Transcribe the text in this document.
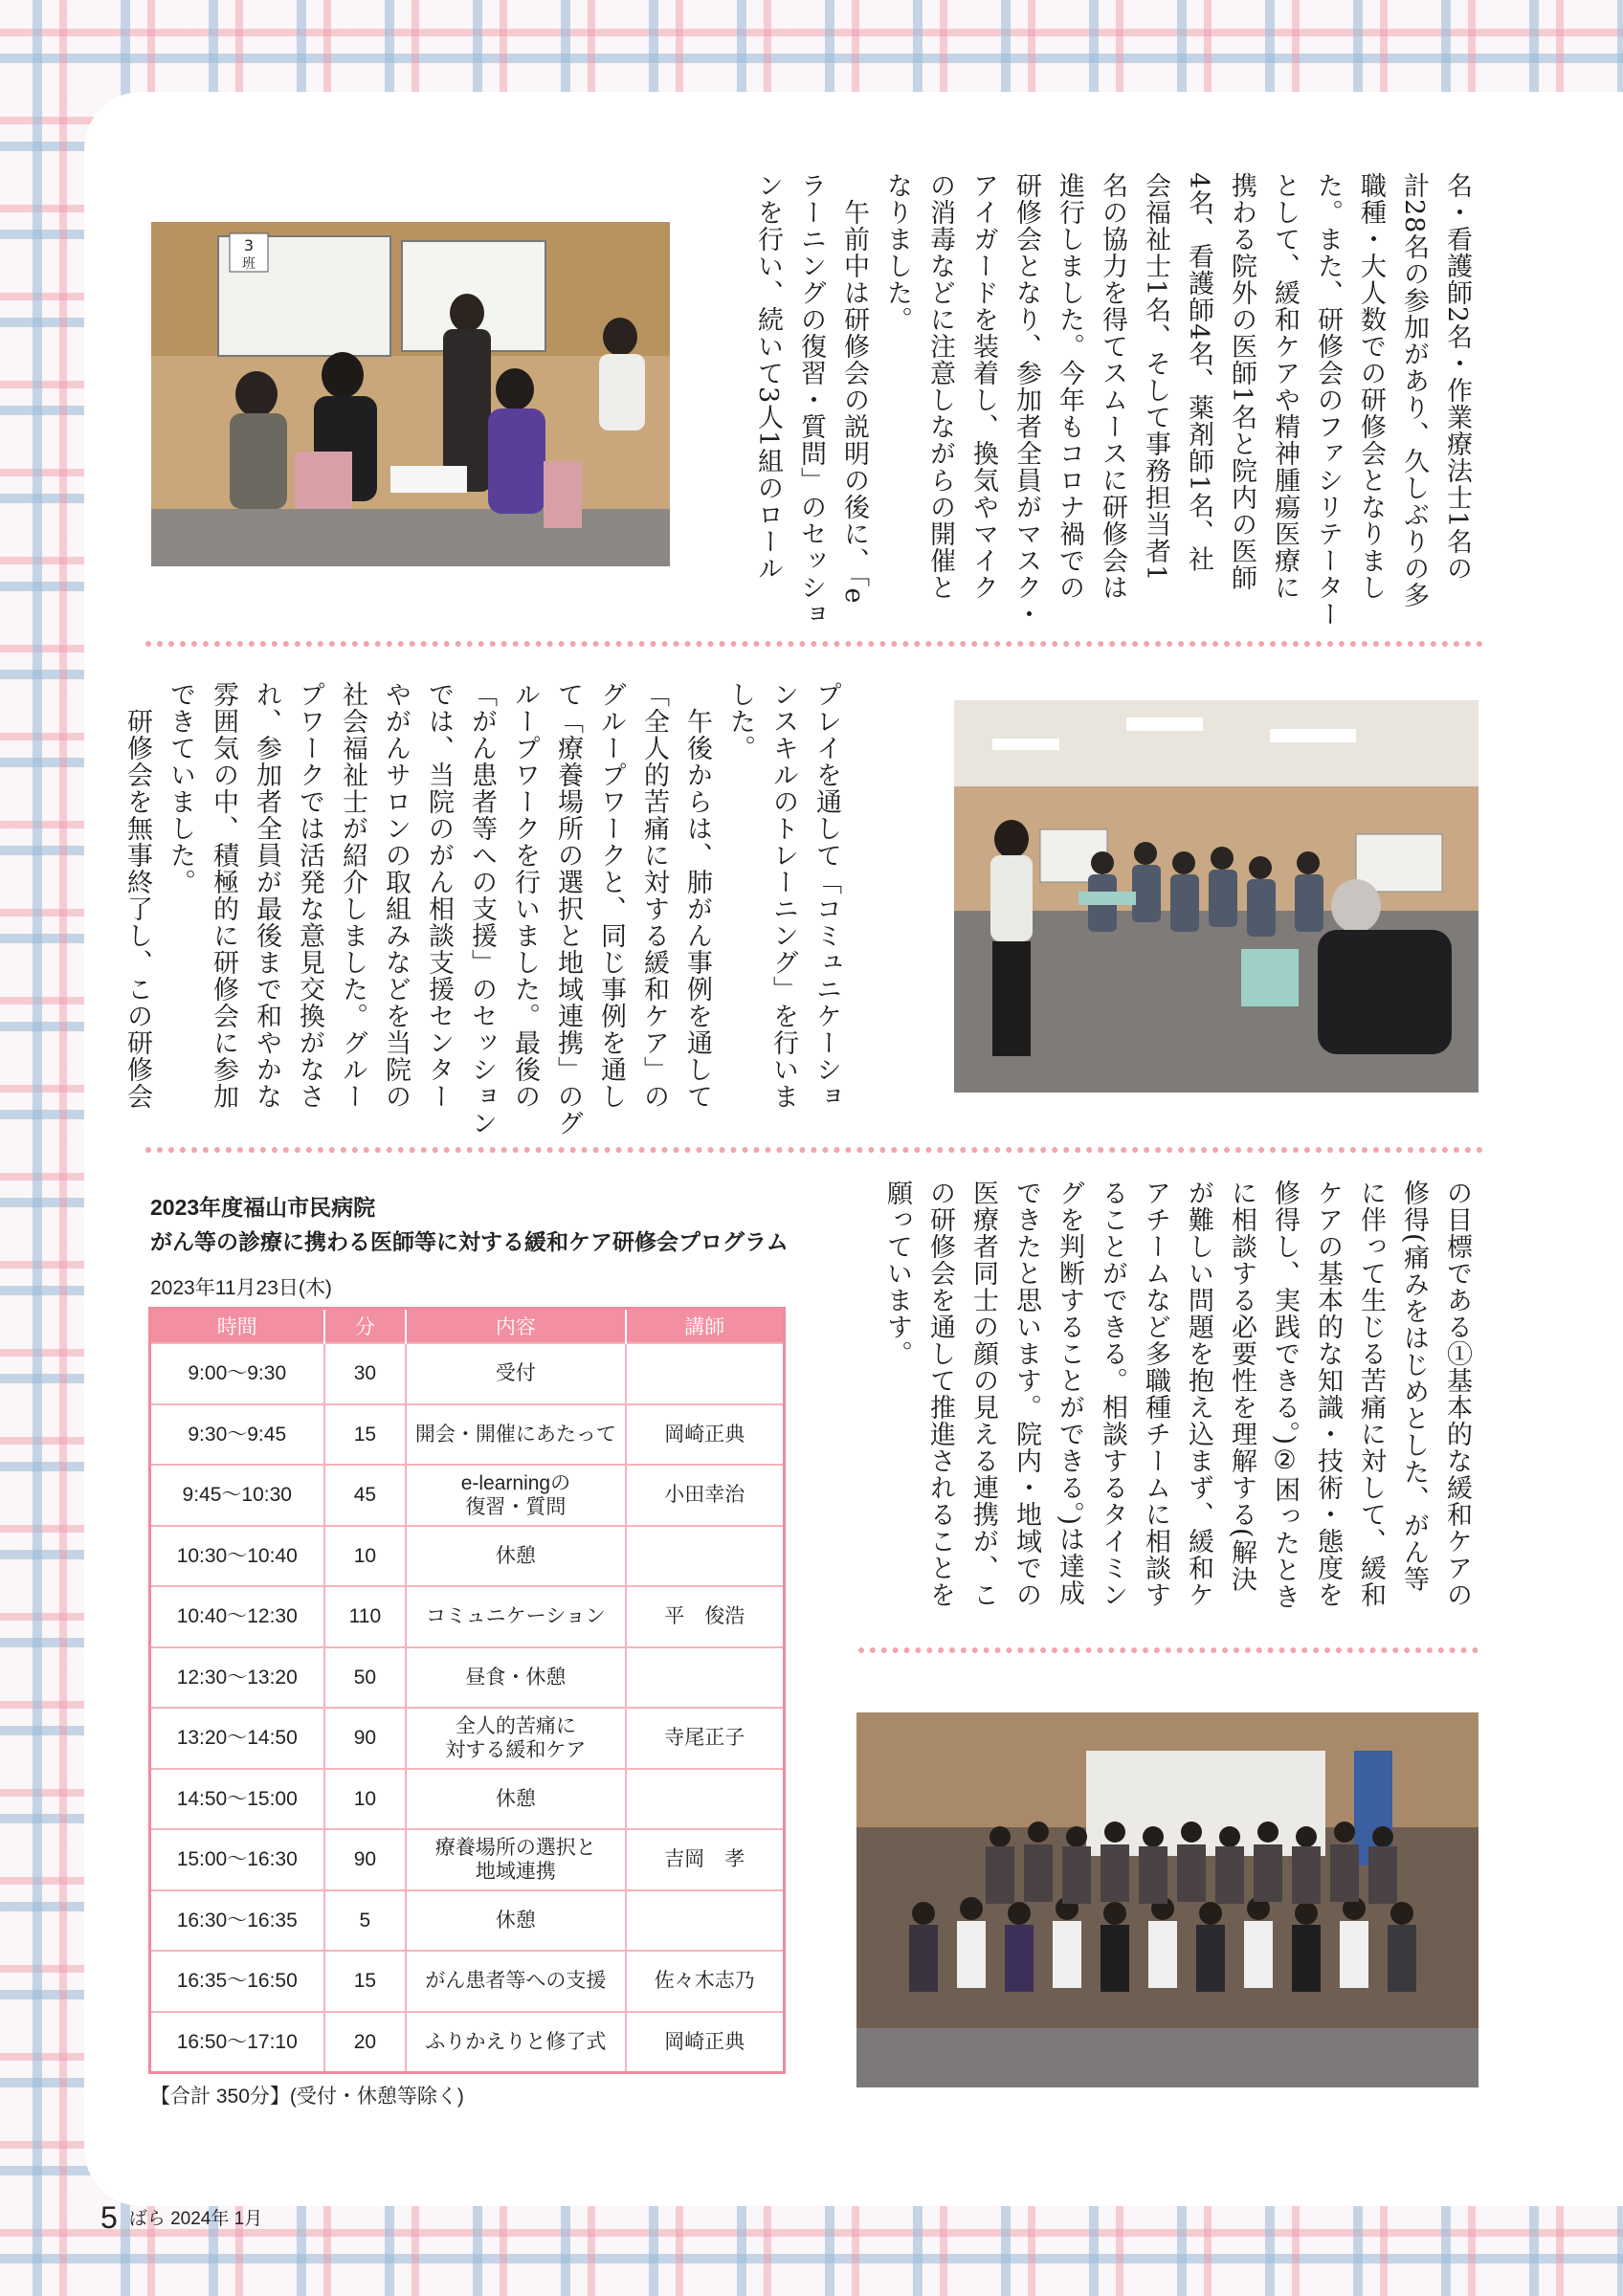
名・看護師2名・作業療法士1名の
計28名の参加があり、久しぶりの多
職種・大人数での研修会となりまし
た。また、研修会のファシリテーター
として、緩和ケアや精神腫瘍医療に
携わる院外の医師1名と院内の医師
4名、看護師4名、薬剤師1名、社
会福祉士1名、そして事務担当者1
名の協力を得てスムースに研修会は
進行しました。今年もコロナ禍での
研修会となり、参加者全員がマスク・
アイガードを装着し、換気やマイク
の消毒などに注意しながらの開催と
なりました。
　午前中は研修会の説明の後に、「e
ラーニングの復習・質問」のセッショ
ンを行い、続いて3人1組のロール
3
班
プレイを通して「コミュニケーショ
ンスキルのトレーニング」を行いま
した。
　午後からは、肺がん事例を通して
「全人的苦痛に対する緩和ケア」の
グループワークと、同じ事例を通し
て「療養場所の選択と地域連携」のグ
ループワークを行いました。最後の
「がん患者等への支援」のセッション
では、当院のがん相談支援センター
やがんサロンの取組みなどを当院の
社会福祉士が紹介しました。グルー
プワークでは活発な意見交換がなさ
れ、参加者全員が最後まで和やかな
雰囲気の中、積極的に研修会に参加
できていました。
　研修会を無事終了し、この研修会
の目標である①基本的な緩和ケアの
修得(痛みをはじめとした、がん等
に伴って生じる苦痛に対して、緩和
ケアの基本的な知識・技術・態度を
修得し、実践できる。)②困ったとき
に相談する必要性を理解する(解決
が難しい問題を抱え込まず、緩和ケ
アチームなど多職種チームに相談す
ることができる。相談するタイミン
グを判断することができる。)は達成
できたと思います。院内・地域での
医療者同士の顔の見える連携が、こ
の研修会を通して推進されることを
願っています。
2023年度福山市民病院
がん等の診療に携わる医師等に対する緩和ケア研修会プログラム
2023年11月23日(木)
時間	分	内容	講師
9:00〜9:30	30	受付	
9:30〜9:45	15	開会・開催にあたって	岡崎正典
9:45〜10:30	45	e-learningの
復習・質問	小田幸治
10:30〜10:40	10	休憩	
10:40〜12:30	110	コミュニケーション	平　俊浩
12:30〜13:20	50	昼食・休憩	
13:20〜14:50	90	全人的苦痛に
対する緩和ケア	寺尾正子
14:50〜15:00	10	休憩	
15:00〜16:30	90	療養場所の選択と
地域連携	吉岡　孝
16:30〜16:35	5	休憩	
16:35〜16:50	15	がん患者等への支援	佐々木志乃
16:50〜17:10	20	ふりかえりと修了式	岡崎正典
【合計 350分】(受付・休憩等除く)
5 ばら 2024年 1月
